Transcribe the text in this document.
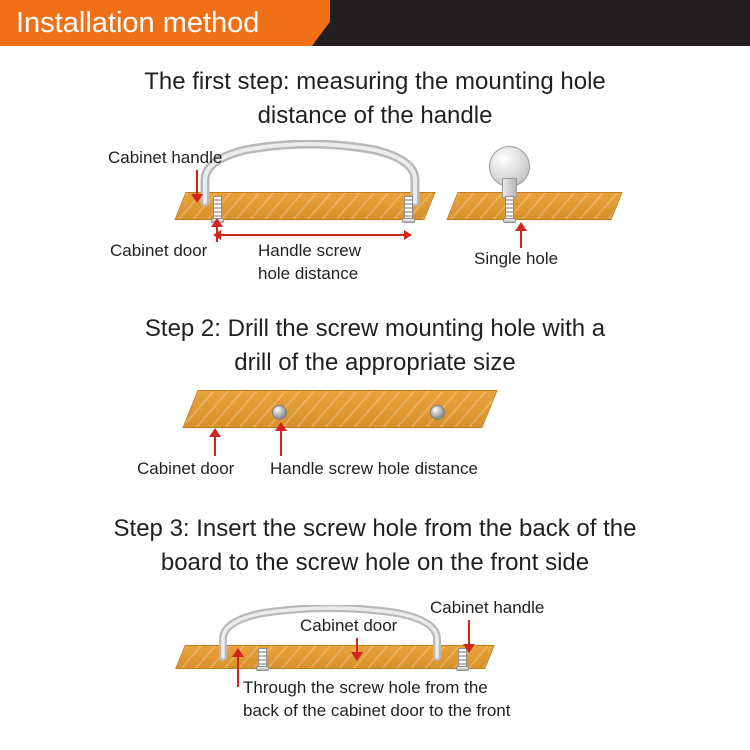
Installation method
The first step: measuring the mounting hole
distance of the handle
Cabinet handle
Cabinet door	Handle screw
hole distance
Single hole
Step 2: Drill the screw mounting hole with a
drill of the appropriate size
Cabinet door Handle screw hole distance
Step 3: Insert the screw hole from the back of the
board to the screw hole on the front side
Cabinet handle
Cabinet door
Through the screw hole from the
back of the cabinet door to the front
